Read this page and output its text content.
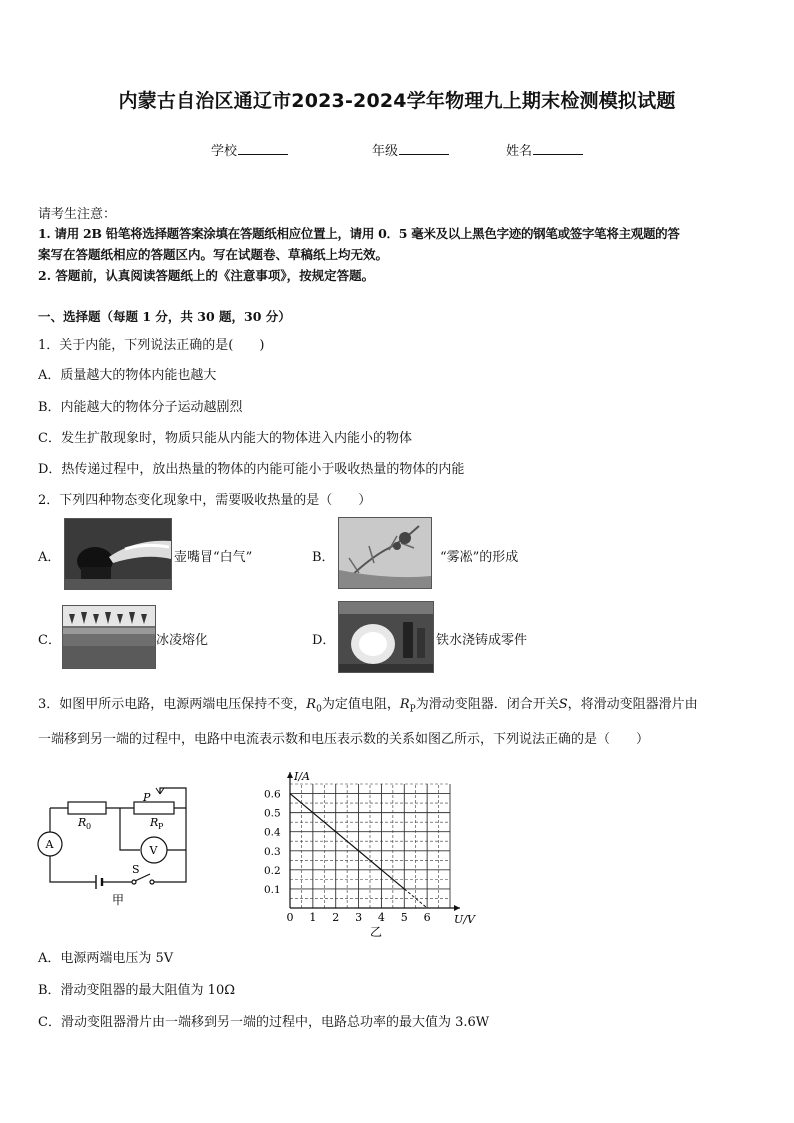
内蒙古自治区通辽市2023-2024学年物理九上期末检测模拟试题
学校	年级	姓名
请考生注意：
1. 请用 2B 铅笔将选择题答案涂填在答题纸相应位置上，请用 0．5 毫米及以上黑色字迹的钢笔或签字笔将主观题的答
案写在答题纸相应的答题区内。写在试题卷、草稿纸上均无效。
2. 答题前，认真阅读答题纸上的《注意事项》，按规定答题。
一、选择题（每题 1 分，共 30 题，30 分）
1．关于内能，下列说法正确的是(　　)
A．质量越大的物体内能也越大
B．内能越大的物体分子运动越剧烈
C．发生扩散现象时，物质只能从内能大的物体进入内能小的物体
D．热传递过程中，放出热量的物体的内能可能小于吸收热量的物体的内能
2．下列四种物态变化现象中，需要吸收热量的是（　　）
A．	壶嘴冒“白气”	B．	“雾凇”的形成
C．	冰凌熔化	D．	铁水浇铸成零件
3．如图甲所示电路，电源两端电压保持不变，$R_0$为定值电阻，$R_P$为滑动变阻器．闭合开关S，将滑动变阻器滑片由
一端移到另一端的过程中，电路中电流表示数和电压表示数的关系如图乙所示，下列说法正确的是（　　）
P
R 0	R P
A	V
S
甲
0 1 2 3 4 5 6
0.1
0.2
0.3
0.4
0.5
0.6
I/A
U/V
乙
A．电源两端电压为 5V
B．滑动变阻器的最大阻值为 10Ω
C．滑动变阻器滑片由一端移到另一端的过程中，电路总功率的最大值为 3.6W
